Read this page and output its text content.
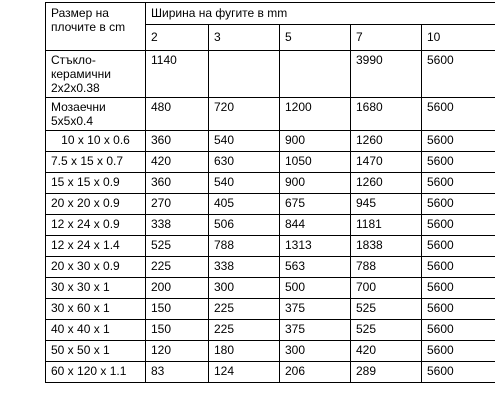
Размер на плочите в cm	Ширина на фугите в mm				
	2	3	5	7	10
Стъкло-керамични 2x2x0.38	1140			3990	5600
Мозаечни 5x5x0.4	480	720	1200	1680	5600
10 x 10 x 0.6	360	540	900	1260	5600
7.5 x 15 x 0.7	420	630	1050	1470	5600
15 x 15 x 0.9	360	540	900	1260	5600
20 x 20 x 0.9	270	405	675	945	5600
12 x 24 x 0.9	338	506	844	1181	5600
12 x 24 x 1.4	525	788	1313	1838	5600
20 x 30 x 0.9	225	338	563	788	5600
30 x 30 x 1	200	300	500	700	5600
30 x 60 x 1	150	225	375	525	5600
40 x 40 x 1	150	225	375	525	5600
50 x 50 x 1	120	180	300	420	5600
60 x 120 x 1.1	83	124	206	289	5600
